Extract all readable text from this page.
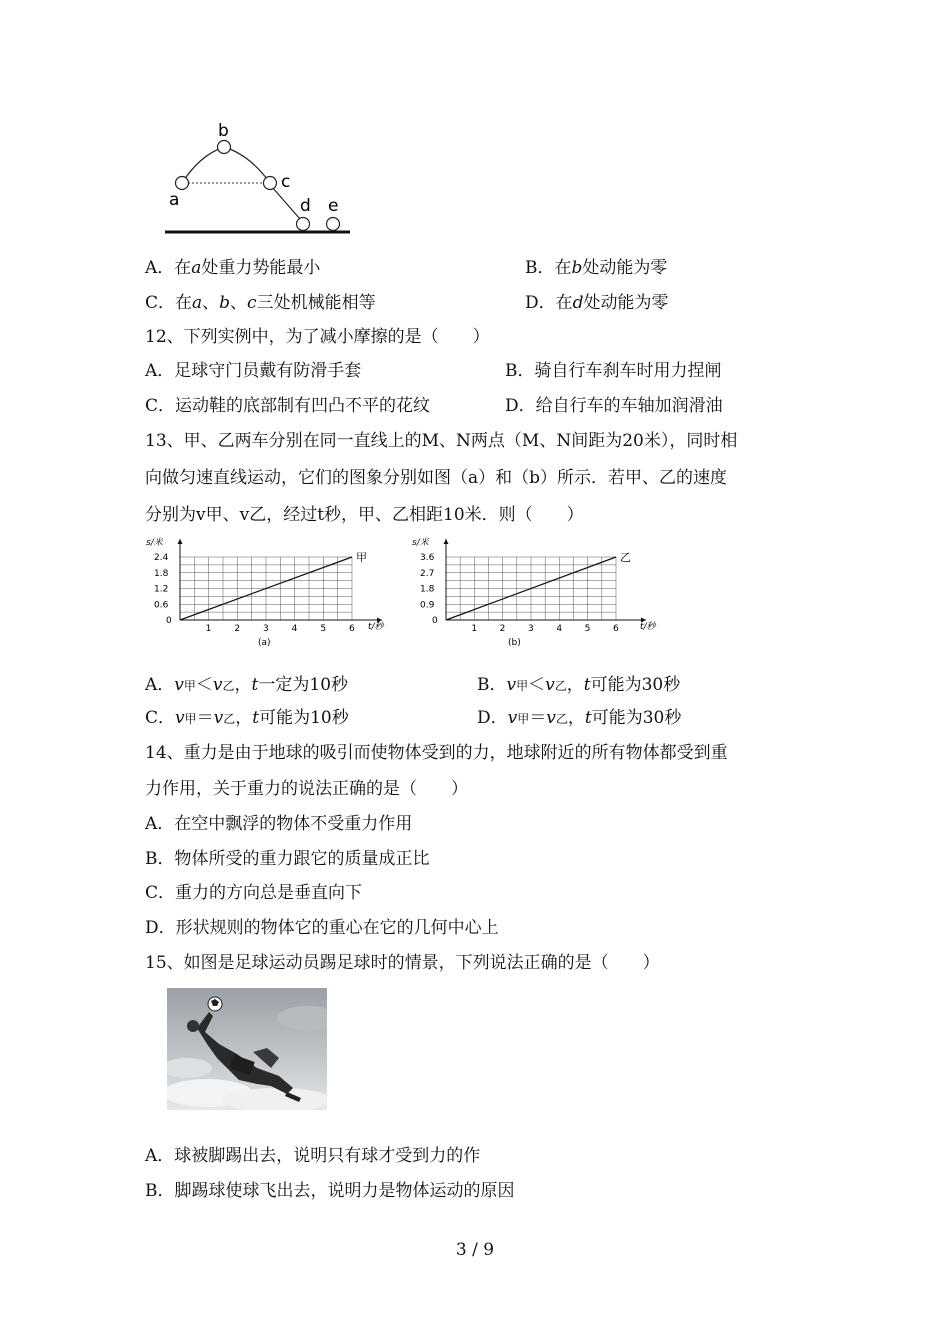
a
b
c
d e
A．在a处重力势能最小	B．在b处动能为零
C．在a、b、c三处机械能相等	D．在d处动能为零
12、下列实例中，为了减小摩擦的是（　　）
A．足球守门员戴有防滑手套	B．骑自行车刹车时用力捏闸
C．运动鞋的底部制有凹凸不平的花纹	D．给自行车的车轴加润滑油
13、甲、乙两车分别在同一直线上的M、N两点（M、N间距为20米），同时相
向做匀速直线运动，它们的图象分别如图（a）和（b）所示．若甲、乙的速度
分别为v甲、v乙，经过t秒，甲、乙相距10米．则（　　）
s/米
t/秒
(a)
0
1	2	3	4	5	6
0.6
1.2
1.8
2.4	甲
s/米
t/秒
(b)
0
1	2	3	4	5	6
0.9
1.8
2.7
3.6	乙
A．v甲＜v乙，t一定为10秒	B．v甲＜v乙，t可能为30秒
C．v甲＝v乙，t可能为10秒	D．v甲＝v乙，t可能为30秒
14、重力是由于地球的吸引而使物体受到的力，地球附近的所有物体都受到重
力作用，关于重力的说法正确的是（　　）
A．在空中飘浮的物体不受重力作用
B．物体所受的重力跟它的质量成正比
C．重力的方向总是垂直向下
D．形状规则的物体它的重心在它的几何中心上
15、如图是足球运动员踢足球时的情景，下列说法正确的是（　　）
A．球被脚踢出去，说明只有球才受到力的作
B．脚踢球使球飞出去，说明力是物体运动的原因
3 / 9
